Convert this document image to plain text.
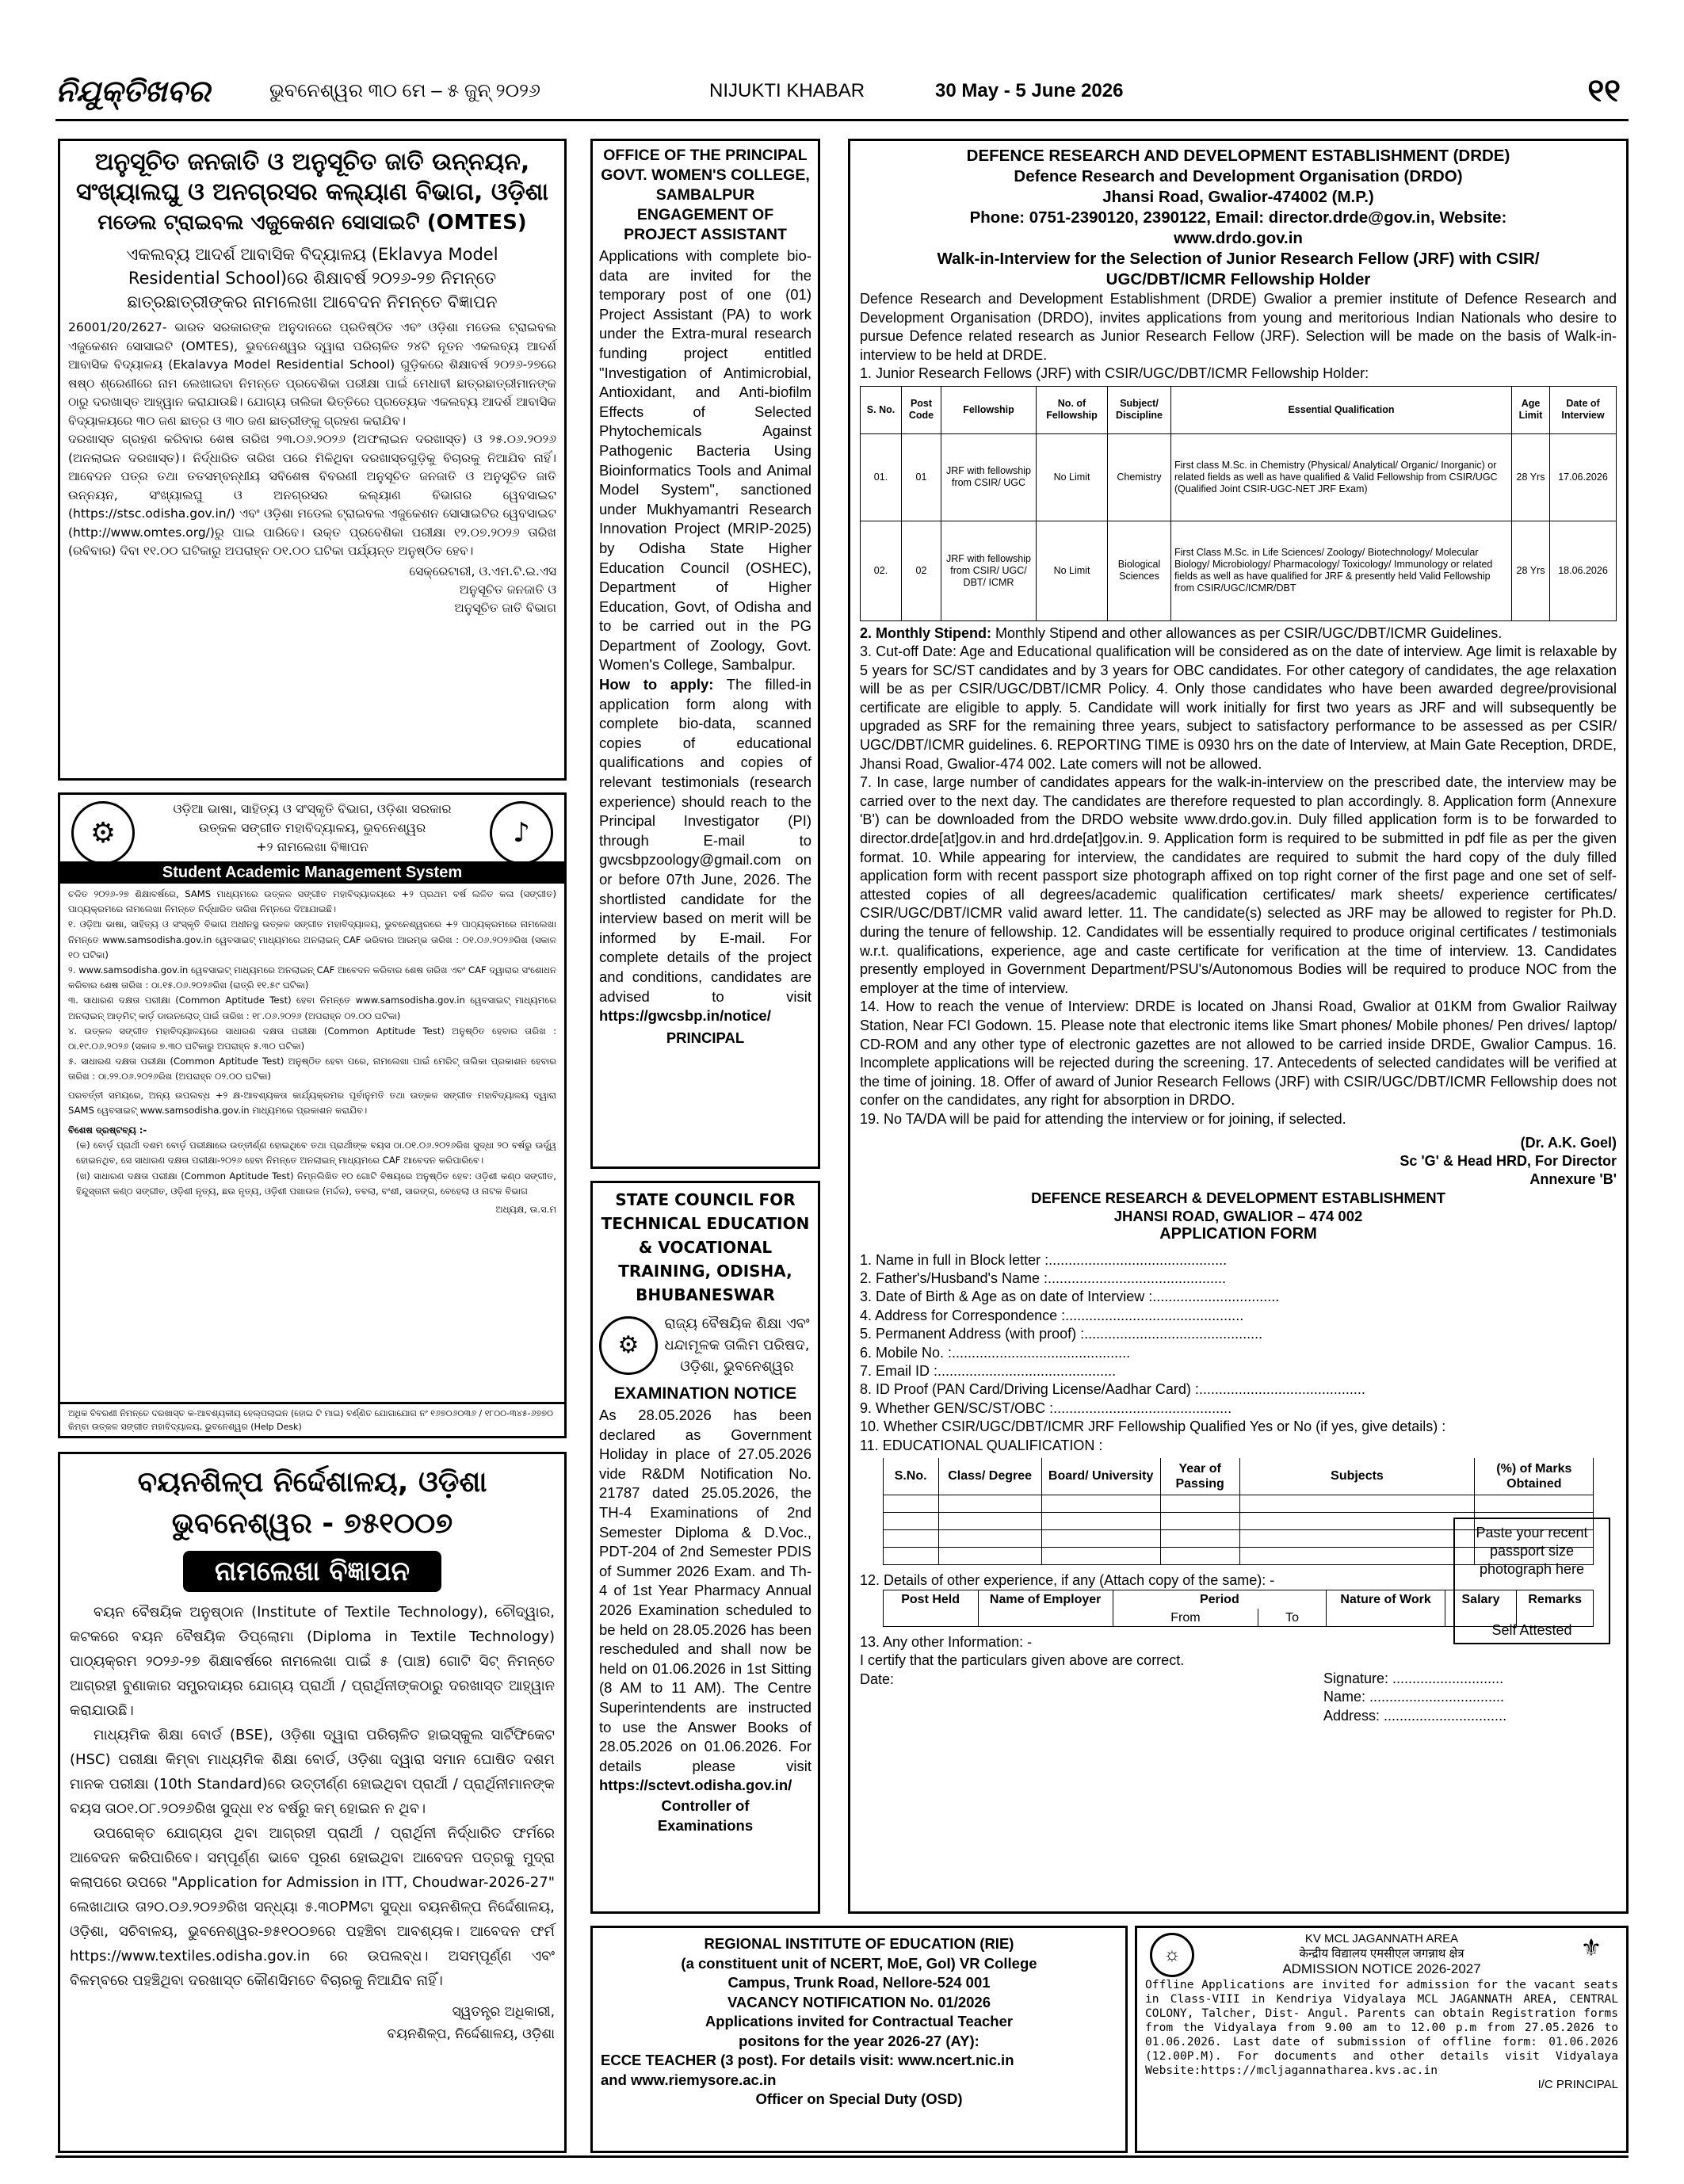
ନିଯୁକ୍ତିଖବର	ଭୁବନେଶ୍ୱର ୩୦ ମେ – ୫ ଜୁନ୍ ୨୦୨୬	NIJUKTI KHABAR	30 May - 5 June 2026	୧୧

ଅନୁସୂଚିତ ଜନଜାତି ଓ ଅନୁସୂଚିତ ଜାତି ଉନ୍ନୟନ,

ସଂଖ୍ୟାଲଘୁ ଓ ଅନଗ୍ରସର କଲ୍ୟାଣ ବିଭାଗ, ଓଡ଼ିଶା

ମଡେଲ ଟ୍ରାଇବଲ ଏଜୁକେଶନ ସୋସାଇଟି (OMTES)

ଏକଲବ୍ୟ ଆଦର୍ଶ ଆବାସିକ ବିଦ୍ୟାଳୟ (Eklavya Model

Residential School)ରେ ଶିକ୍ଷାବର୍ଷ ୨୦୨୬-୨୭ ନିମନ୍ତେ

ଛାତ୍ରଛାତ୍ରୀଙ୍କର ନାମଲେଖା ଆବେଦନ ନିମନ୍ତେ ବିଜ୍ଞାପନ

26001/20/2627- ଭାରତ ସରକାରଙ୍କ ଅନୁଦାନରେ ପ୍ରତିଷ୍ଠିତ ଏବଂ ଓଡ଼ିଶା ମଡେଲ ଟ୍ରାଇବଲ ଏଜୁକେଶନ ସୋସାଇଟି (OMTES), ଭୁବନେଶ୍ୱର ଦ୍ୱାରା ପରିଚାଳିତ ୨୪ଟି ନୂତନ ଏକଲବ୍ୟ ଆଦର୍ଶ ଆବାସିକ ବିଦ୍ୟାଳୟ (Ekalavya Model Residential School) ଗୁଡ଼ିକରେ ଶିକ୍ଷାବର୍ଷ ୨୦୨୬-୨୭ରେ ଷଷ୍ଠ ଶ୍ରେଣୀରେ ନାମ ଲେଖାଇବା ନିମନ୍ତେ ପ୍ରବେଶିକା ପରୀକ୍ଷା ପାଇଁ ମେଧାବୀ ଛାତ୍ରଛାତ୍ରୀମାନଙ୍କ ଠାରୁ ଦରଖାସ୍ତ ଆହ୍ୱାନ କରାଯାଉଛି। ଯୋଗ୍ୟ ତାଲିକା ଭିତ୍ତିରେ ପ୍ରତ୍ୟେକ ଏକଲବ୍ୟ ଆଦର୍ଶ ଆବାସିକ ବିଦ୍ୟାଳୟରେ ୩୦ ଜଣ ଛାତ୍ର ଓ ୩୦ ଜଣ ଛାତ୍ରୀଙ୍କୁ ଗ୍ରହଣ କରାଯିବ।

ଦରଖାସ୍ତ ଗ୍ରହଣ କରିବାର ଶେଷ ତାରିଖ ୨୩.୦୬.୨୦୨୬ (ଅଫଲାଇନ ଦରଖାସ୍ତ) ଓ ୨୫.୦୬.୨୦୨୬ (ଅନଲାଇନ ଦରଖାସ୍ତ)। ନିର୍ଦ୍ଧାରିତ ତାରିଖ ପରେ ମିଳିଥିବା ଦରଖାସ୍ତଗୁଡ଼ିକୁ ବିଚାରକୁ ନିଆଯିବ ନାହିଁ। ଆବେଦନ ପତ୍ର ତଥା ତତସମ୍ବନ୍ଧୀୟ ସବିଶେଷ ବିବରଣୀ ଅନୁସୂଚିତ ଜନଜାତି ଓ ଅନୁସୂଚିତ ଜାତି ଉନ୍ନୟନ, ସଂଖ୍ୟାଲଘୁ ଓ ଅନଗ୍ରସର କଲ୍ୟାଣ ବିଭାଗର ୱେବସାଇଟ (https://stsc.odisha.gov.in/) ଏବଂ ଓଡ଼ିଶା ମଡେଲ ଟ୍ରାଇବଲ ଏଜୁକେଶନ ସୋସାଇଟିର ୱେବସାଇଟ (http://www.omtes.org/)ରୁ ପାଇ ପାରିବେ। ଉକ୍ତ ପ୍ରବେଶିକା ପରୀକ୍ଷା ୧୨.୦୭.୨୦୨୬ ତାରିଖ (ରବିବାର) ଦିବା ୧୧.୦୦ ଘଟିକାରୁ ଅପରାହ୍ନ ୦୧.୦୦ ଘଟିକା ପର୍ଯ୍ୟନ୍ତ ଅନୁଷ୍ଠିତ ହେବ।

ସେକ୍ରେଟାରୀ, ଓ.ଏମ.ଟି.ଇ.ଏସ

ଅନୁସୂଚିତ ଜନଜାତି ଓ

ଅନୁସୂଚିତ ଜାତି ବିଭାଗ

⚙	♪

ଓଡ଼ିଆ ଭାଷା, ସାହିତ୍ୟ ଓ ସଂସ୍କୃତି ବିଭାଗ, ଓଡ଼ିଶା ସରକାର

ଉତ୍କଳ ସଙ୍ଗୀତ ମହାବିଦ୍ୟାଳୟ, ଭୁବନେଶ୍ୱର

+୨ ନାମଲେଖା ବିଜ୍ଞାପନ

Student Academic Management System

ଚଳିତ ୨୦୨୬-୨୭ ଶିକ୍ଷାବର୍ଷରେ, SAMS ମାଧ୍ୟମରେ ଉତ୍କଳ ସଙ୍ଗୀତ ମହାବିଦ୍ୟାଳୟରେ +୨ ପ୍ରଥମ ବର୍ଷ ଲଳିତ କଳା (ସଙ୍ଗୀତ) ପାଠ୍ୟକ୍ରମରେ ନାମଲେଖା ନିମନ୍ତେ ନିର୍ଦ୍ଧାରିତ ତାରିଖ ନିମ୍ନରେ ଦିଆଯାଇଛି।

୧. ଓଡ଼ିଆ ଭାଷା, ସାହିତ୍ୟ ଓ ସଂସ୍କୃତି ବିଭାଗ ଅଧୀନସ୍ଥ ଉତ୍କଳ ସଙ୍ଗୀତ ମହାବିଦ୍ୟାଳୟ, ଭୁବନେଶ୍ୱରରେ +୨ ପାଠ୍ୟକ୍ରମରେ ନାମଲେଖା ନିମନ୍ତେ www.samsodisha.gov.in ୱେବସାଇଟ୍ ମାଧ୍ୟମରେ ଅନଲାଇନ୍ CAF ଭରିବାର ଆରମ୍ଭ ତାରିଖ : ୦୧.୦୬.୨୦୨୬ରିଖ (ସକାଳ ୧୦ ଘଟିକା)

୨. www.samsodisha.gov.in ୱେବସାଇଟ୍ ମାଧ୍ୟମରେ ଅନଲାଇନ୍ CAF ଆବେଦନ କରିବାର ଶେଷ ତାରିଖ ଏବଂ CAF ଦ୍ୱାରାର ସଂଶୋଧନ କରିବାର ଶେଷ ତାରିଖ : ଠା.୧୫.୦୬.୨୦୨୬ରିଖ (ରାତ୍ରି ୧୧.୫୯ ଘଟିକା)

୩. ସାଧାରଣ ଦକ୍ଷତା ପରୀକ୍ଷା (Common Aptitude Test) ହେବା ନିମନ୍ତେ www.samsodisha.gov.in ୱେବସାଇଟ୍ ମାଧ୍ୟମରେ ଅନଲାଇନ୍ ଆଡ଼ମିଟ୍ କାର୍ଡ଼ ଡାଉନଲୋଡ୍ ପାଇଁ ତାରିଖ : ୧୮.୦୬.୨୦୨୬ (ଅପରାହ୍ନ ୦୨.୦୦ ଘଟିକା)

୪. ଉତ୍କଳ ସଙ୍ଗୀତ ମହାବିଦ୍ୟାଳୟରେ ସାଧାରଣ ଦକ୍ଷତା ପରୀକ୍ଷା (Common Aptitude Test) ଅନୁଷ୍ଠିତ ହେବାର ତାରିଖ : ଠା.୧୯.୦୬.୨୦୨୬ (ସକାଳ ୭.୩୦ ଘଟିକାରୁ ଅପରାହ୍ନ ୫.୩୦ ଘଟିକା)

୫. ସାଧାରଣ ଦକ୍ଷତା ପରୀକ୍ଷା (Common Aptitude Test) ଅନୁଷ୍ଠିତ ହେବା ପରେ, ନାମଲେଖା ପାଇଁ ମେରିଟ୍ ତାଲିକା ପ୍ରକାଶନ ହେବାର ତାରିଖ : ଠା.୨୨.୦୬.୨୦୨୬ରିଖ (ଅପରାହ୍ନ ୦୨.୦୦ ଘଟିକା)

ପରବର୍ତ୍ତୀ ସମୟରେ, ଅନ୍ୟ ଉପଲବ୍ଧ +୨ କ୍ଷ-ଆବଶ୍ୟକତା କାର୍ଯ୍ୟକ୍ରମର ପୂର୍ବାନୁମତି ତଥା ଉତ୍କଳ ସଙ୍ଗୀତ ମହାବିଦ୍ୟାଳୟ ଦ୍ୱାରା SAMS ୱେବସାଇଟ୍ www.samsodisha.gov.in ମାଧ୍ୟମରେ ପ୍ରକାଶନ କରାଯିବ।

ବିଶେଷ ଦ୍ରଷ୍ଟବ୍ୟ :-

(କ) ବୋର୍ଡ଼ ପ୍ରାର୍ଥୀ ଦଶମ ବୋର୍ଡ଼ ପରୀକ୍ଷାରେ ଉତ୍ତୀର୍ଣ୍ଣ ହୋଇଥିବେ ତଥା ପ୍ରାର୍ଥୀଙ୍କ ବୟସ ଠା.୦୧.୦୬.୨୦୨୬ରିଖ ସୁଦ୍ଧା ୨୦ ବର୍ଷରୁ ଊର୍ଦ୍ଧ୍ୱ ହୋଇନଥିବ, ସେ ସାଧାରଣ ଦକ୍ଷତା ପରୀକ୍ଷା-୨୦୨୬ ହେବା ନିମନ୍ତେ ଅନଲାଇନ୍ ମାଧ୍ୟମରେ CAF ଆବେଦନ କରିପାରିବେ।

(ଖ) ସାଧାରଣ ଦକ୍ଷତା ପରୀକ୍ଷା (Common Aptitude Test) ନିମ୍ନଲିଖିତ ୧୦ ଗୋଟି ବିଷୟରେ ଅନୁଷ୍ଠିତ ହେବ: ଓଡ଼ିଶୀ କଣ୍ଠ ସଙ୍ଗୀତ, ହିନ୍ଦୁସ୍ତାନୀ କଣ୍ଠ ସଙ୍ଗୀତ, ଓଡ଼ିଶୀ ନୃତ୍ୟ, ଛଉ ନୃତ୍ୟ, ଓଡ଼ିଶୀ ପଖାଉଜ (ମର୍ଦ୍ଦଳ), ତବଲା, ବଂଶୀ, ସାରଙ୍ଗ, ବେହେଲା ଓ ନାଟକ ବିଭାଗ

ଅଧ୍ୟକ୍ଷ, ଉ.ସ.ମ

ଅଧିକ ବିବରଣୀ ନିମନ୍ତେ ଦରଖାସ୍ତ କ-ଆବଶ୍ୟକୀୟ ହେଲ୍ପଲାଇନ (ହୋଇ ଟି ମାଇ) ବର୍ଣ୍ଣିତ ଯୋଗାଯୋଗ ନଂ ୧୬୭୦୬୦୩୬ / ୧୮୦୦-୩୪୫-୬୭୭୦ କିମ୍ବା ଉତ୍କଳ ସଙ୍ଗୀତ ମହାବିଦ୍ୟାଳୟ, ଭୁବନେଶ୍ୱର (Help Desk)

ବୟନଶିଳ୍ପ ନିର୍ଦ୍ଦେଶାଳୟ, ଓଡ଼ିଶା

ଭୁବନେଶ୍ୱର - ୭୫୧୦୦୭

ନାମଲେଖା ବିଜ୍ଞାପନ

ବୟନ ବୈଷୟିକ ଅନୁଷ୍ଠାନ (Institute of Textile Technology), ଚୌଦ୍ୱାର, କଟକରେ ବୟନ ବୈଷୟିକ ଡିପ୍ଲୋମା (Diploma in Textile Technology) ପାଠ୍ୟକ୍ରମ ୨୦୨୬-୨୭ ଶିକ୍ଷାବର୍ଷରେ ନାମଲେଖା ପାଇଁ ୫ (ପାଞ୍ଚ) ଗୋଟି ସିଟ୍ ନିମନ୍ତେ ଆଗ୍ରହୀ ବୁଣାକାର ସମ୍ପ୍ରଦାୟର ଯୋଗ୍ୟ ପ୍ରାର୍ଥୀ / ପ୍ରାର୍ଥିନୀଙ୍କଠାରୁ ଦରଖାସ୍ତ ଆହ୍ୱାନ କରାଯାଉଛି।

ମାଧ୍ୟମିକ ଶିକ୍ଷା ବୋର୍ଡ (BSE), ଓଡ଼ିଶା ଦ୍ୱାରା ପରିଚାଳିତ ହାଇସ୍କୁଲ ସାର୍ଟିଫିକେଟ (HSC) ପରୀକ୍ଷା କିମ୍ବା ମାଧ୍ୟମିକ ଶିକ୍ଷା ବୋର୍ଡ, ଓଡ଼ିଶା ଦ୍ୱାରା ସମାନ ଘୋଷିତ ଦଶମ ମାନକ ପରୀକ୍ଷା (10th Standard)ରେ ଉତ୍ତୀର୍ଣ୍ଣ ହୋଇଥିବା ପ୍ରାର୍ଥୀ / ପ୍ରାର୍ଥିନୀମାନଙ୍କ ବୟସ ତା୦୧.୦୮.୨୦୨୬ରିଖ ସୁଦ୍ଧା ୧୪ ବର୍ଷରୁ କମ୍ ହୋଇନ ନ ଥିବ।

ଉପରୋକ୍ତ ଯୋଗ୍ୟତା ଥିବା ଆଗ୍ରହୀ ପ୍ରାର୍ଥୀ / ପ୍ରାର୍ଥିନୀ ନିର୍ଦ୍ଧାରିତ ଫର୍ମରେ ଆବେଦନ କରିପାରିବେ। ସମ୍ପୂର୍ଣ୍ଣ ଭାବେ ପୂରଣ ହୋଇଥିବା ଆବେଦନ ପତ୍ରକୁ ମୁଦ୍ରା କଲାପରେ ଉପରେ "Application for Admission in ITT, Choudwar-2026-27" ଲେଖାଥାଉ ତା୨୦.୦୬.୨୦୨୬ରିଖ ସନ୍ଧ୍ୟା ୫.୩୦PMଟା ସୁଦ୍ଧା ବୟନଶିଳ୍ପ ନିର୍ଦ୍ଦେଶାଳୟ, ଓଡ଼ିଶା, ସଚିବାଳୟ, ଭୁବନେଶ୍ୱର-୭୫୧୦୦୭ରେ ପହଞ୍ଚିବା ଆବଶ୍ୟକ। ଆବେଦନ ଫର୍ମ https://www.textiles.odisha.gov.in ରେ ଉପଲବ୍ଧ। ଅସମ୍ପୂର୍ଣ୍ଣ ଏବଂ ବିଳମ୍ବରେ ପହଞ୍ଚିଥିବା ଦରଖାସ୍ତ କୌଣସିମତେ ବିଚାରକୁ ନିଆଯିବ ନାହିଁ।

ସ୍ୱତନ୍ତ୍ର ଅଧିକାରୀ,

ବୟନଶିଳ୍ପ, ନିର୍ଦ୍ଦେଶାଳୟ, ଓଡ଼ିଶା

OFFICE OF THE PRINCIPAL GOVT. WOMEN'S COLLEGE, SAMBALPUR ENGAGEMENT OF PROJECT ASSISTANT

Applications with complete bio-data are invited for the temporary post of one (01) Project Assistant (PA) to work under the Extra-mural research funding project entitled "Investigation of Antimicrobial, Antioxidant, and Anti-biofilm Effects of Selected Phytochemicals Against Pathogenic Bacteria Using Bioinformatics Tools and Animal Model System", sanctioned under Mukhyamantri Research Innovation Project (MRIP-2025) by Odisha State Higher Education Council (OSHEC), Department of Higher Education, Govt, of Odisha and to be carried out in the PG Department of Zoology, Govt. Women's College, Sambalpur.

How to apply: The filled-in application form along with complete bio-data, scanned copies of educational qualifications and copies of relevant testimonials (research experience) should reach to the Principal Investigator (PI) through E-mail to gwcsbpzoology@gmail.com on or before 07th June, 2026. The shortlisted candidate for the interview based on merit will be informed by E-mail. For complete details of the project and conditions, candidates are advised to visit https://gwcsbp.in/notice/

PRINCIPAL

STATE COUNCIL FOR TECHNICAL EDUCATION & VOCATIONAL TRAINING, ODISHA, BHUBANESWAR

⚙

ରାଜ୍ୟ ବୈଷୟିକ ଶିକ୍ଷା ଏବଂ ଧନ୍ଦାମୂଳକ ତାଲିମ ପରିଷଦ, ଓଡ଼ିଶା, ଭୁବନେଶ୍ୱର

EXAMINATION NOTICE

As 28.05.2026 has been declared as Government Holiday in place of 27.05.2026 vide R&DM Notification No. 21787 dated 25.05.2026, the TH-4 Examinations of 2nd Semester Diploma & D.Voc., PDT-204 of 2nd Semester PDIS of Summer 2026 Exam. and Th-4 of 1st Year Pharmacy Annual 2026 Examination scheduled to be held on 28.05.2026 has been rescheduled and shall now be held on 01.06.2026 in 1st Sitting (8 AM to 11 AM). The Centre Superintendents are instructed to use the Answer Books of 28.05.2026 on 01.06.2026. For details please visit https://sctevt.odisha.gov.in/

Controller of

Examinations

DEFENCE RESEARCH AND DEVELOPMENT ESTABLISHMENT (DRDE)

Defence Research and Development Organisation (DRDO)

Jhansi Road, Gwalior-474002 (M.P.)

Phone: 0751-2390120, 2390122, Email: director.drde@gov.in, Website:

www.drdo.gov.in

Walk-in-Interview for the Selection of Junior Research Fellow (JRF) with CSIR/

UGC/DBT/ICMR Fellowship Holder

Defence Research and Development Establishment (DRDE) Gwalior a premier institute of Defence Research and Development Organisation (DRDO), invites applications from young and meritorious Indian Nationals who desire to pursue Defence related research as Junior Research Fellow (JRF). Selection will be made on the basis of Walk-in-interview to be held at DRDE.

1. Junior Research Fellows (JRF) with CSIR/UGC/DBT/ICMR Fellowship Holder:

S. No.	Post Code	Fellowship	No. of Fellowship	Subject/ Discipline	Essential Qualification	Age Limit	Date of Interview
01.	01	JRF with fellowship from CSIR/ UGC	No Limit	Chemistry	First class M.Sc. in Chemistry (Physical/ Analytical/ Organic/ Inorganic) or related fields as well as have qualified & Valid Fellowship from CSIR/UGC (Qualified Joint CSIR-UGC-NET JRF Exam)	28 Yrs	17.06.2026
02.	02	JRF with fellowship from CSIR/ UGC/ DBT/ ICMR	No Limit	Biological Sciences	First Class M.Sc. in Life Sciences/ Zoology/ Biotechnology/ Molecular Biology/ Microbiology/ Pharmacology/ Toxicology/ Immunology or related fields as well as have qualified for JRF & presently held Valid Fellowship from CSIR/UGC/ICMR/DBT	28 Yrs	18.06.2026

2. Monthly Stipend: Monthly Stipend and other allowances as per CSIR/UGC/DBT/ICMR Guidelines.

3. Cut-off Date: Age and Educational qualification will be considered as on the date of interview. Age limit is relaxable by 5 years for SC/ST candidates and by 3 years for OBC candidates. For other category of candidates, the age relaxation will be as per CSIR/UGC/DBT/ICMR Policy. 4. Only those candidates who have been awarded degree/provisional certificate are eligible to apply. 5. Candidate will work initially for first two years as JRF and will subsequently be upgraded as SRF for the remaining three years, subject to satisfactory performance to be assessed as per CSIR/ UGC/DBT/ICMR guidelines. 6. REPORTING TIME is 0930 hrs on the date of Interview, at Main Gate Reception, DRDE, Jhansi Road, Gwalior-474 002. Late comers will not be allowed.

7. In case, large number of candidates appears for the walk-in-interview on the prescribed date, the interview may be carried over to the next day. The candidates are therefore requested to plan accordingly. 8. Application form (Annexure 'B') can be downloaded from the DRDO website www.drdo.gov.in. Duly filled application form is to be forwarded to director.drde[at]gov.in and hrd.drde[at]gov.in. 9. Application form is required to be submitted in pdf file as per the given format. 10. While appearing for interview, the candidates are required to submit the hard copy of the duly filled application form with recent passport size photograph affixed on top right corner of the first page and one set of self-attested copies of all degrees/academic qualification certificates/ mark sheets/ experience certificates/ CSIR/UGC/DBT/ICMR valid award letter. 11. The candidate(s) selected as JRF may be allowed to register for Ph.D. during the tenure of fellowship. 12. Candidates will be essentially required to produce original certificates / testimonials w.r.t. qualifications, experience, age and caste certificate for verification at the time of interview. 13. Candidates presently employed in Government Department/PSU's/Autonomous Bodies will be required to produce NOC from the employer at the time of interview.

14. How to reach the venue of Interview: DRDE is located on Jhansi Road, Gwalior at 01KM from Gwalior Railway Station, Near FCI Godown. 15. Please note that electronic items like Smart phones/ Mobile phones/ Pen drives/ laptop/ CD-ROM and any other type of electronic gazettes are not allowed to be carried inside DRDE, Gwalior Campus. 16. Incomplete applications will be rejected during the screening. 17. Antecedents of selected candidates will be verified at the time of joining. 18. Offer of award of Junior Research Fellows (JRF) with CSIR/UGC/DBT/ICMR Fellowship does not confer on the candidates, any right for absorption in DRDO.

19. No TA/DA will be paid for attending the interview or for joining, if selected.

(Dr. A.K. Goel)

Sc 'G' & Head HRD, For Director

Annexure 'B'

DEFENCE RESEARCH & DEVELOPMENT ESTABLISHMENT

JHANSI ROAD, GWALIOR – 474 002

APPLICATION FORM

Paste your recent passport size photograph here

Self Attested

1. Name in full in Block letter :.............................................

2. Father's/Husband's Name :.............................................

3. Date of Birth & Age as on date of Interview :................................

4. Address for Correspondence :.............................................

5. Permanent Address (with proof) :.............................................

6. Mobile No. :.............................................

7. Email ID :.............................................

8. ID Proof (PAN Card/Driving License/Aadhar Card) :..........................................

9. Whether GEN/SC/ST/OBC :.............................................

10. Whether CSIR/UGC/DBT/ICMR JRF Fellowship Qualified Yes or No (if yes, give details) :

11. EDUCATIONAL QUALIFICATION :

S.No.	Class/ Degree	Board/ University	Year of Passing	Subjects	(%) of Marks Obtained

12. Details of other experience, if any (Attach copy of the same): -

Post Held	Name of Employer	Period		Nature of Work	Salary	Remarks
		From	To			

13. Any other Information: -

I certify that the particulars given above are correct.

Date:	Signature: ............................

Name: ..................................

Address: ...............................

REGIONAL INSTITUTE OF EDUCATION (RIE)

(a constituent unit of NCERT, MoE, GoI) VR College

Campus, Trunk Road, Nellore-524 001

VACANCY NOTIFICATION No. 01/2026

Applications invited for Contractual Teacher

positons for the year 2026-27 (AY):

ECCE TEACHER (3 post). For details visit: www.ncert.nic.in

and www.riemysore.ac.in

Officer on Special Duty (OSD)

☼	⚜

KV MCL JAGANNATH AREA

केन्द्रीय विद्यालय एमसीएल जगन्नाथ क्षेत्र

ADMISSION NOTICE 2026-2027

Offline Applications are invited for admission for the vacant seats in Class-VIII in Kendriya Vidyalaya MCL JAGANNATH AREA, CENTRAL COLONY, Talcher, Dist- Angul. Parents can obtain Registration forms from the Vidyalaya from 9.00 am to 12.00 p.m from 27.05.2026 to 01.06.2026. Last date of submission of offline form: 01.06.2026 (12.00P.M). For documents and other details visit Vidyalaya Website:https://mcljagannatharea.kvs.ac.in

I/C PRINCIPAL
